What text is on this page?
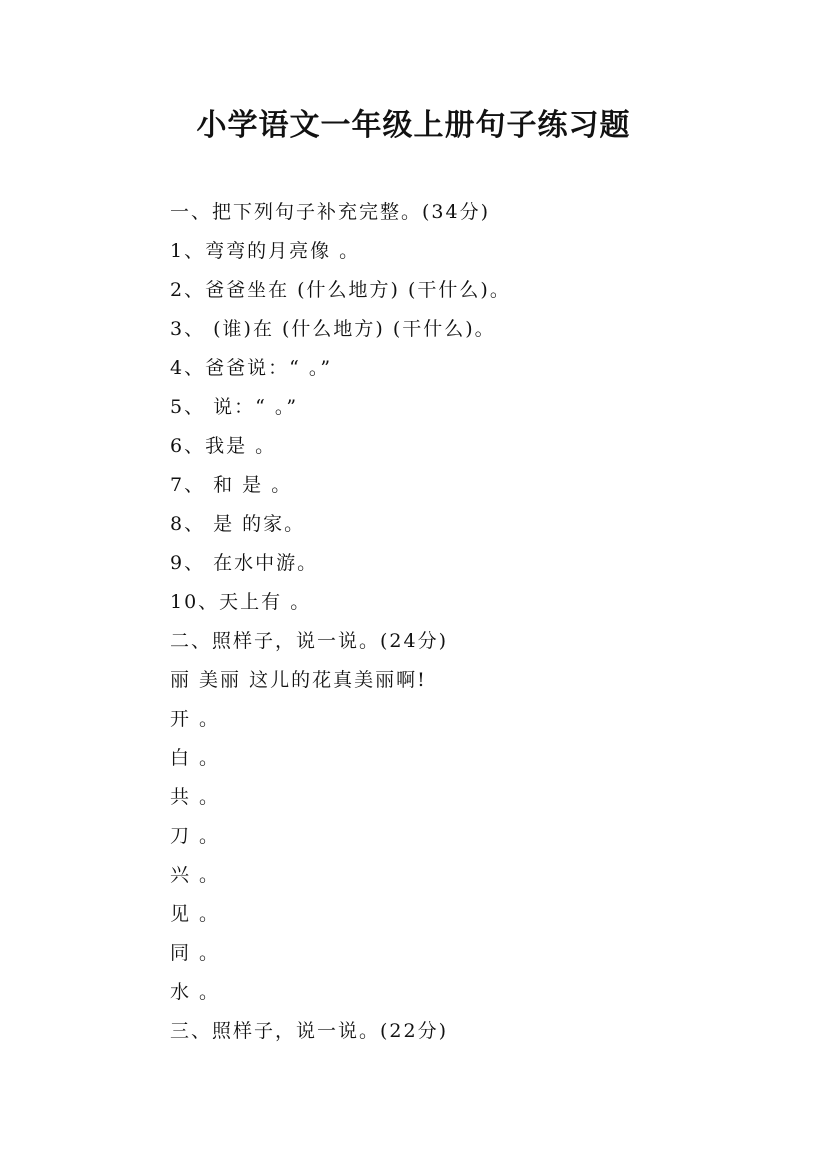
小学语文一年级上册句子练习题
一、把下列句子补充完整。(34分)
1、弯弯的月亮像 。
2、爸爸坐在 (什么地方) (干什么)。
3、 (谁)在 (什么地方) (干什么)。
4、爸爸说：“ 。”
5、 说：“ 。”
6、我是 。
7、 和 是 。
8、 是 的家。
9、 在水中游。
10、天上有 。
二、照样子，说一说。(24分)
丽 美丽 这儿的花真美丽啊!
开 。
白 。
共 。
刀 。
兴 。
见 。
同 。
水 。
三、照样子，说一说。(22分)
